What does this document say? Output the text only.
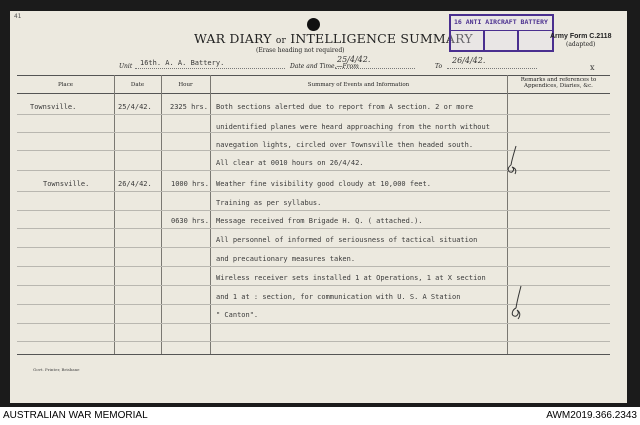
41
WAR DIARY or INTELLIGENCE SUMMARY
(Erase heading not required)
16 ANTI AIRCRAFT BATTERY
Army Form C.2118
(adapted)
x
Unit 16th. A. A. Battery.	Date and Time.—From
25/4/42.
To
26/4/42.
Place	Date	Hour	Summary of Events and Information
Remarks and references to Appendices, Diaries, &c.
Townsville.	25/4/42.	2325 hrs. Both sections alerted due to report from A section. 2 or more
unidentified planes were heard approaching from the north without
navegation lights, circled over Townsville then headed south.
All clear at 0010 hours on 26/4/42.
Townsville.	26/4/42.	1000 hrs. Weather fine visibility good cloudy at 10,000 feet.
Training as per syllabus.
0630 hrs. Message received from Brigade H. Q. ( attached.).
All personnel of informed of seriousness of tactical situation
and precautionary measures taken.
Wireless receiver sets installed 1 at Operations, 1 at X section
and 1 at : section, for communication with U. S. A Station
" Canton".
Govt. Printer, Brisbane
AUSTRALIAN WAR MEMORIAL	AWM2019.366.2343
